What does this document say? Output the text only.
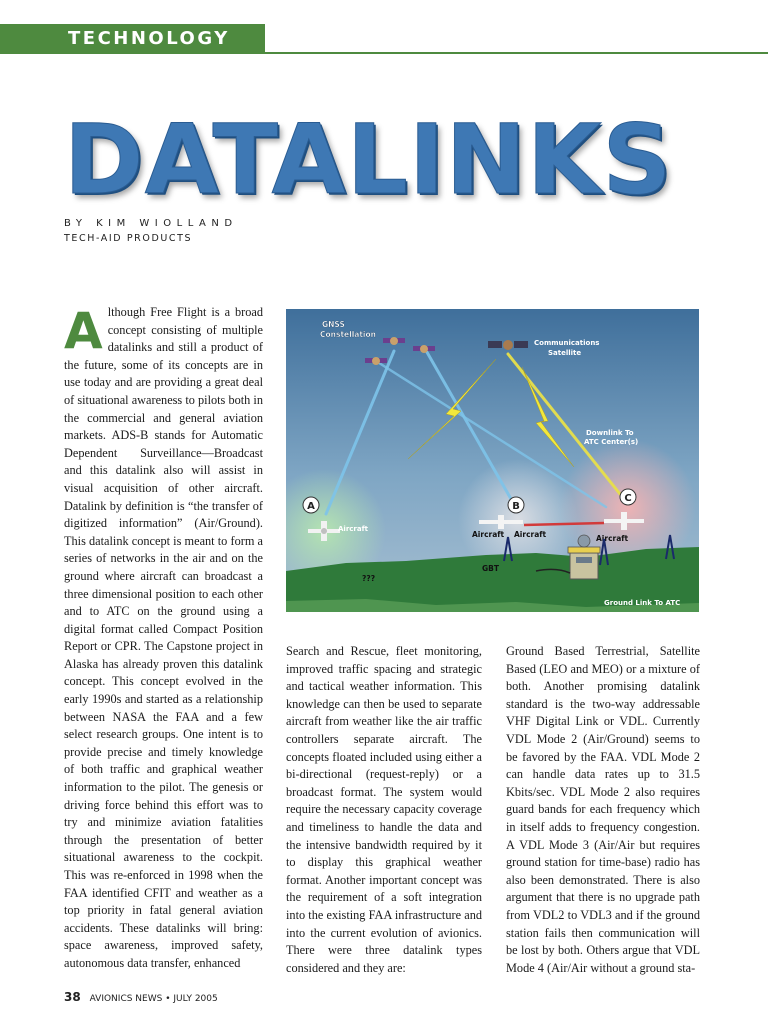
TECHNOLOGY
DATALINKS
BY KIM WIOLLAND
TECH-AID PRODUCTS

Although Free Flight is a broad concept consisting of multiple datalinks and still a product of the future, some of its concepts are in use today and are providing a great deal of situational awareness to pilots both in the commercial and general aviation markets. ADS-B stands for Automatic Dependent Surveillance—Broadcast and this datalink also will assist in visual acquisition of other aircraft. Datalink by definition is “the transfer of digitized information” (Air/Ground). This datalink concept is meant to form a series of networks in the air and on the ground where aircraft can broadcast a three dimensional position to each other and to ATC on the ground using a digital format called Compact Position Report or CPR. The Capstone project in Alaska has already proven this datalink concept. This concept evolved in the early 1990s and started as a relationship between NASA the FAA and a few select research groups. One intent is to provide precise and timely knowledge of both traffic and graphical weather information to the pilot. The genesis or driving force behind this effort was to try and minimize aviation fatalities through the presentation of better situational awareness to the cockpit. This was re-enforced in 1998 when the FAA identified CFIT and weather as a top priority in fatal general aviation accidents. These datalinks will bring: space awareness, improved safety, autonomous data transfer, enhanced

GNSS
Constellation
Communications
Satellite
Downlink To
ATC Center(s)
A	B
C
Aircraft
???
Aircraft Aircraft	Aircraft
GBT
Ground Link To ATC

Search and Rescue, fleet monitoring, improved traffic spacing and strategic and tactical weather information. This knowledge can then be used to separate aircraft from weather like the air traffic controllers separate aircraft. The concepts floated included using either a bi-directional (request-reply) or a broadcast format. The system would require the necessary capacity coverage and timeliness to handle the data and the intensive bandwidth required by it to display this graphical weather format. Another important concept was the requirement of a soft integration into the existing FAA infrastructure and into the current evolution of avionics. There were three datalink types considered and they are:

Ground Based Terrestrial, Satellite Based (LEO and MEO) or a mixture of both. Another promising datalink standard is the two-way addressable VHF Digital Link or VDL. Currently VDL Mode 2 (Air/Ground) seems to be favored by the FAA. VDL Mode 2 can handle data rates up to 31.5 Kbits/sec. VDL Mode 2 also requires guard bands for each frequency which in itself adds to frequency congestion. A VDL Mode 3 (Air/Air but requires ground station for time-base) radio has also been demonstrated. There is also argument that there is no upgrade path from VDL2 to VDL3 and if the ground station fails then communication will be lost by both. Others argue that VDL Mode 4 (Air/Air without a ground sta-

38 AVIONICS NEWS • JULY 2005
